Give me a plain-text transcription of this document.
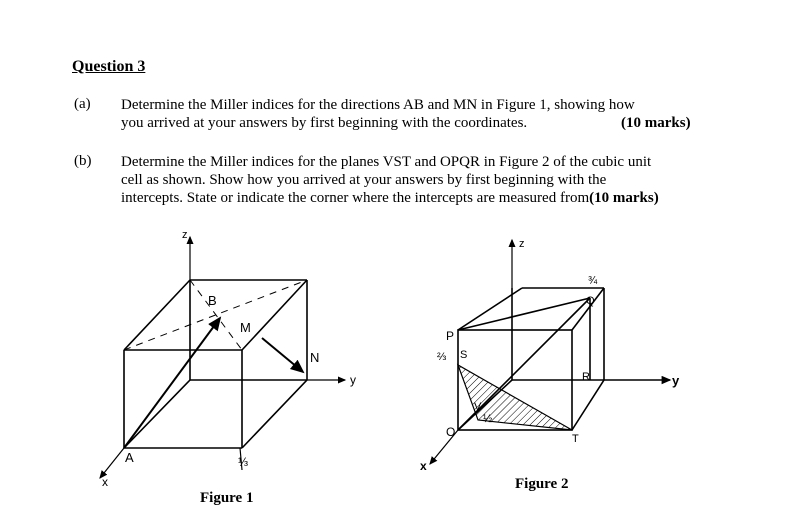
Question 3
(a) Determine the Miller indices for the directions AB and MN in Figure 1, showing how
you arrived at your answers by first beginning with the coordinates.	(10 marks)
(b) Determine the Miller indices for the planes VST and OPQR in Figure 2 of the cubic unit
cell as shown. Show how you arrived at your answers by first beginning with the
intercepts. State or indicate the corner where the intercepts are measured from(10 marks)
z
x
y
A
B
M
N
⅓
z
x
y
O
P
Q
R
S
T
V
⅔
½
¾
Figure 1
Figure 2
